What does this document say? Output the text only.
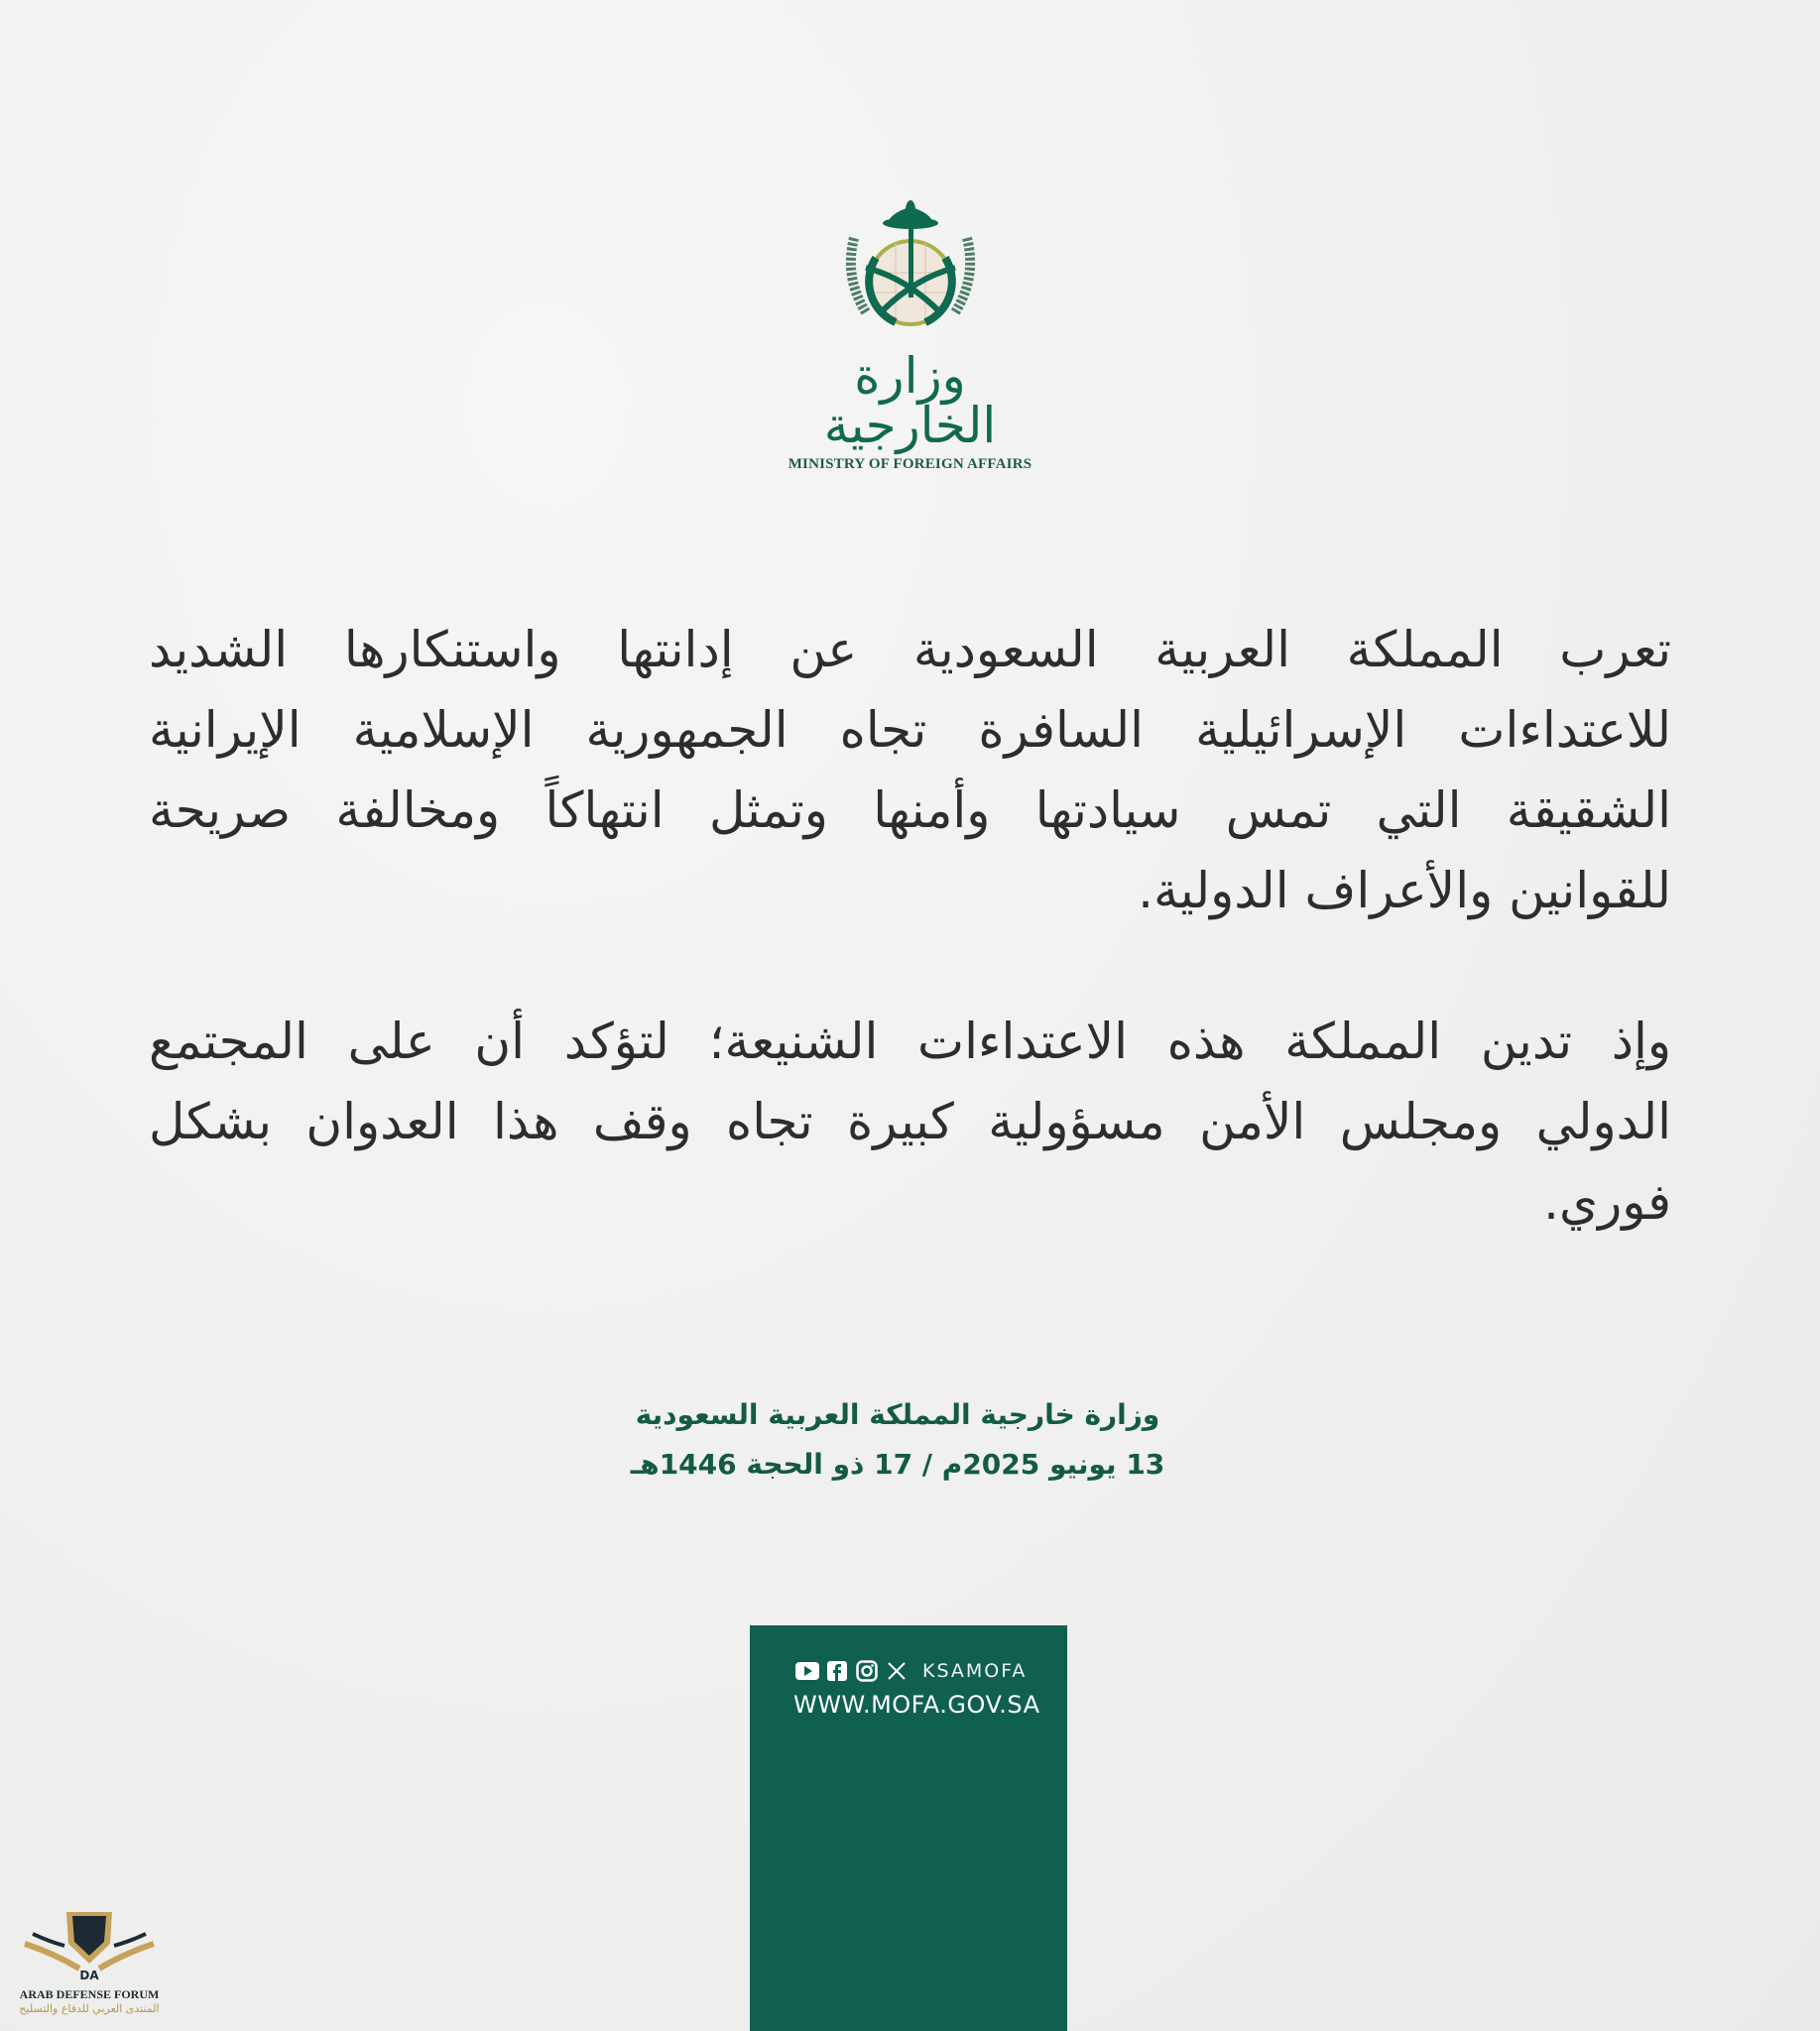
وزارة الخارجية
MINISTRY OF FOREIGN AFFAIRS
تعرب المملكة العربية السعودية عن إدانتها واستنكارها الشديد
للاعتداءات الإسرائيلية السافرة تجاه الجمهورية الإسلامية الإيرانية
الشقيقة التي تمس سيادتها وأمنها وتمثل انتهاكاً ومخالفة صريحة
للقوانين والأعراف الدولية.
وإذ تدين المملكة هذه الاعتداءات الشنيعة؛ لتؤكد أن على المجتمع
الدولي ومجلس الأمن مسؤولية كبيرة تجاه وقف هذا العدوان بشكل
فوري.
وزارة خارجية المملكة العربية السعودية
13 يونيو 2025م / 17 ذو الحجة 1446هـ
KSAMOFA
WWW.MOFA.GOV.SA
DA
ARAB DEFENSE FORUM
المنتدى العربي للدفاع والتسليح
